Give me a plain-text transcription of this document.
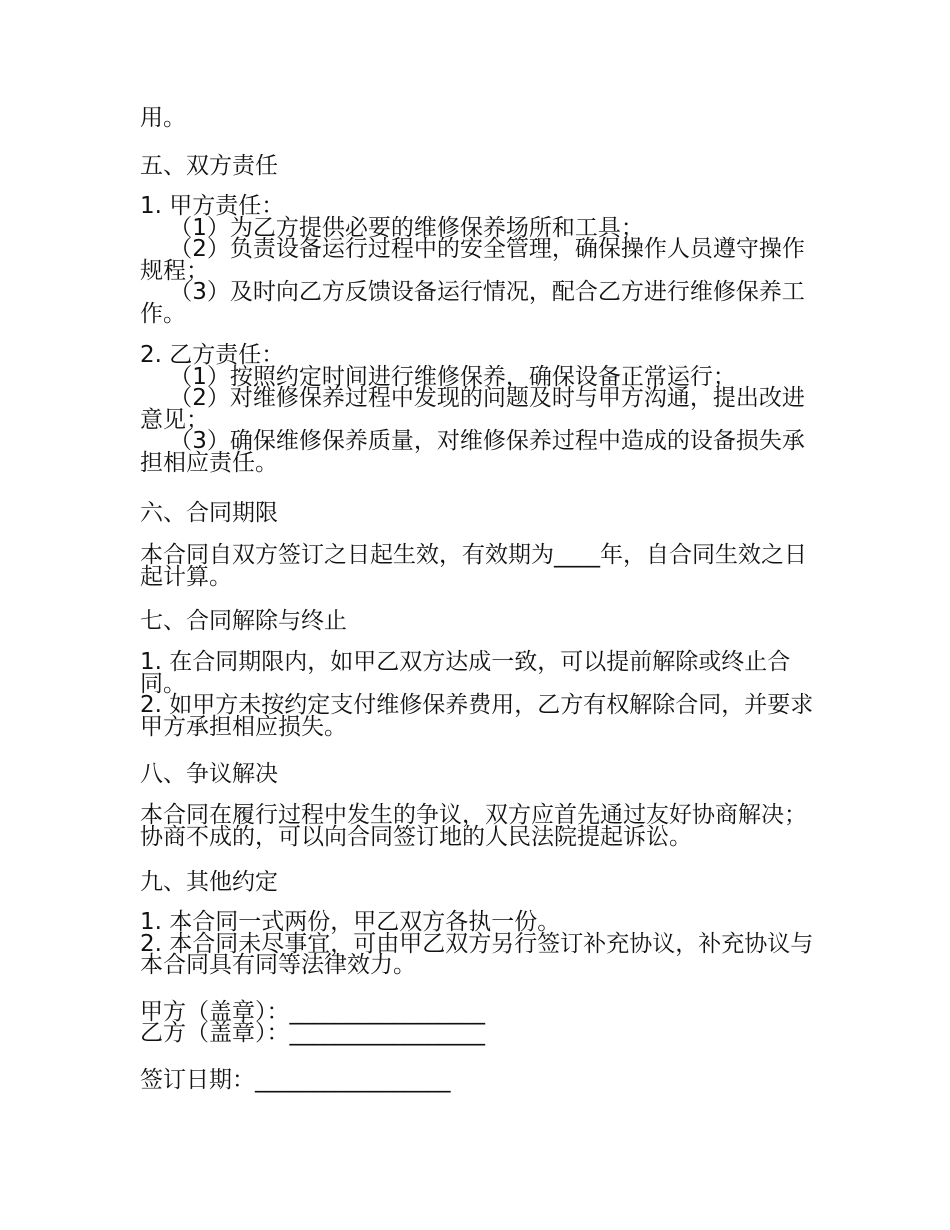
用。

五、双方责任

1. 甲方责任：
（1）为乙方提供必要的维修保养场所和工具；
（2）负责设备运行过程中的安全管理，确保操作人员遵守操作规程；
（3）及时向乙方反馈设备运行情况，配合乙方进行维修保养工作。

2. 乙方责任：
（1）按照约定时间进行维修保养，确保设备正常运行；
（2）对维修保养过程中发现的问题及时与甲方沟通，提出改进意见；
（3）确保维修保养质量，对维修保养过程中造成的设备损失承担相应责任。

六、合同期限

本合同自双方签订之日起生效，有效期为____年，自合同生效之日起计算。

七、合同解除与终止

1. 在合同期限内，如甲乙双方达成一致，可以提前解除或终止合同。
2. 如甲方未按约定支付维修保养费用，乙方有权解除合同，并要求甲方承担相应损失。

八、争议解决

本合同在履行过程中发生的争议，双方应首先通过友好协商解决；协商不成的，可以向合同签订地的人民法院提起诉讼。

九、其他约定

1. 本合同一式两份，甲乙双方各执一份。
2. 本合同未尽事宜，可由甲乙双方另行签订补充协议，补充协议与本合同具有同等法律效力。

甲方（盖章）：_________________
乙方（盖章）：_________________

签订日期：_________________
